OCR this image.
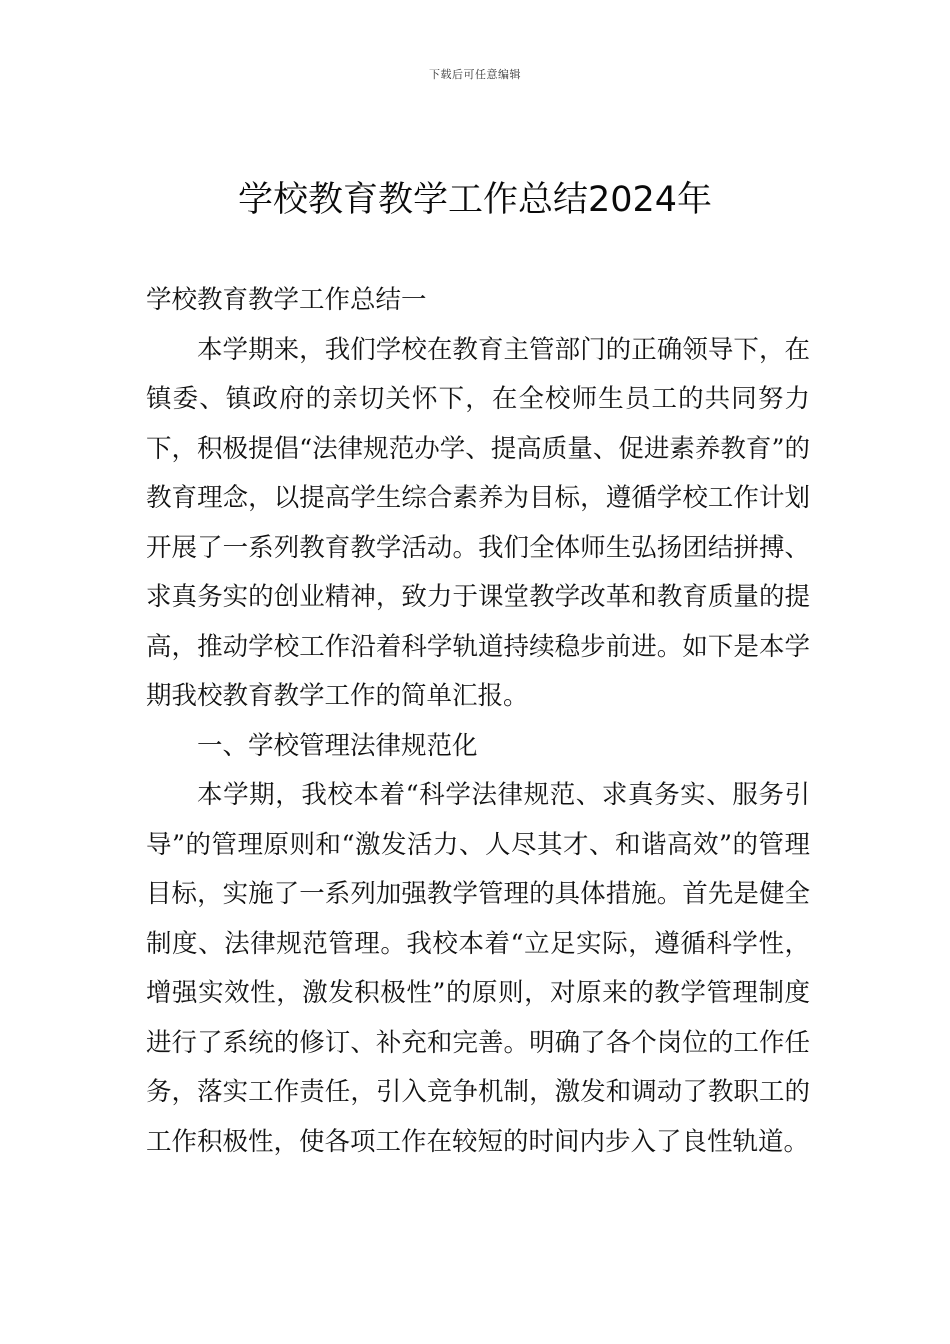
下载后可任意编辑
学校教育教学工作总结2024年

学校教育教学工作总结一

本学期来，我们学校在教育主管部门的正确领导下，在镇委、镇政府的亲切关怀下，在全校师生员工的共同努力下，积极提倡“法律规范办学、提高质量、促进素养教育”的教育理念，以提高学生综合素养为目标，遵循学校工作计划开展了一系列教育教学活动。我们全体师生弘扬团结拼搏、求真务实的创业精神，致力于课堂教学改革和教育质量的提高，推动学校工作沿着科学轨道持续稳步前进。如下是本学期我校教育教学工作的简单汇报。

一、学校管理法律规范化

本学期，我校本着“科学法律规范、求真务实、服务引导”的管理原则和“激发活力、人尽其才、和谐高效”的管理目标，实施了一系列加强教学管理的具体措施。首先是健全制度、法律规范管理。我校本着“立足实际，遵循科学性，增强实效性，激发积极性”的原则，对原来的教学管理制度进行了系统的修订、补充和完善。明确了各个岗位的工作任务，落实工作责任，引入竞争机制，激发和调动了教职工的工作积极性，使各项工作在较短的时间内步入了良性轨道。
